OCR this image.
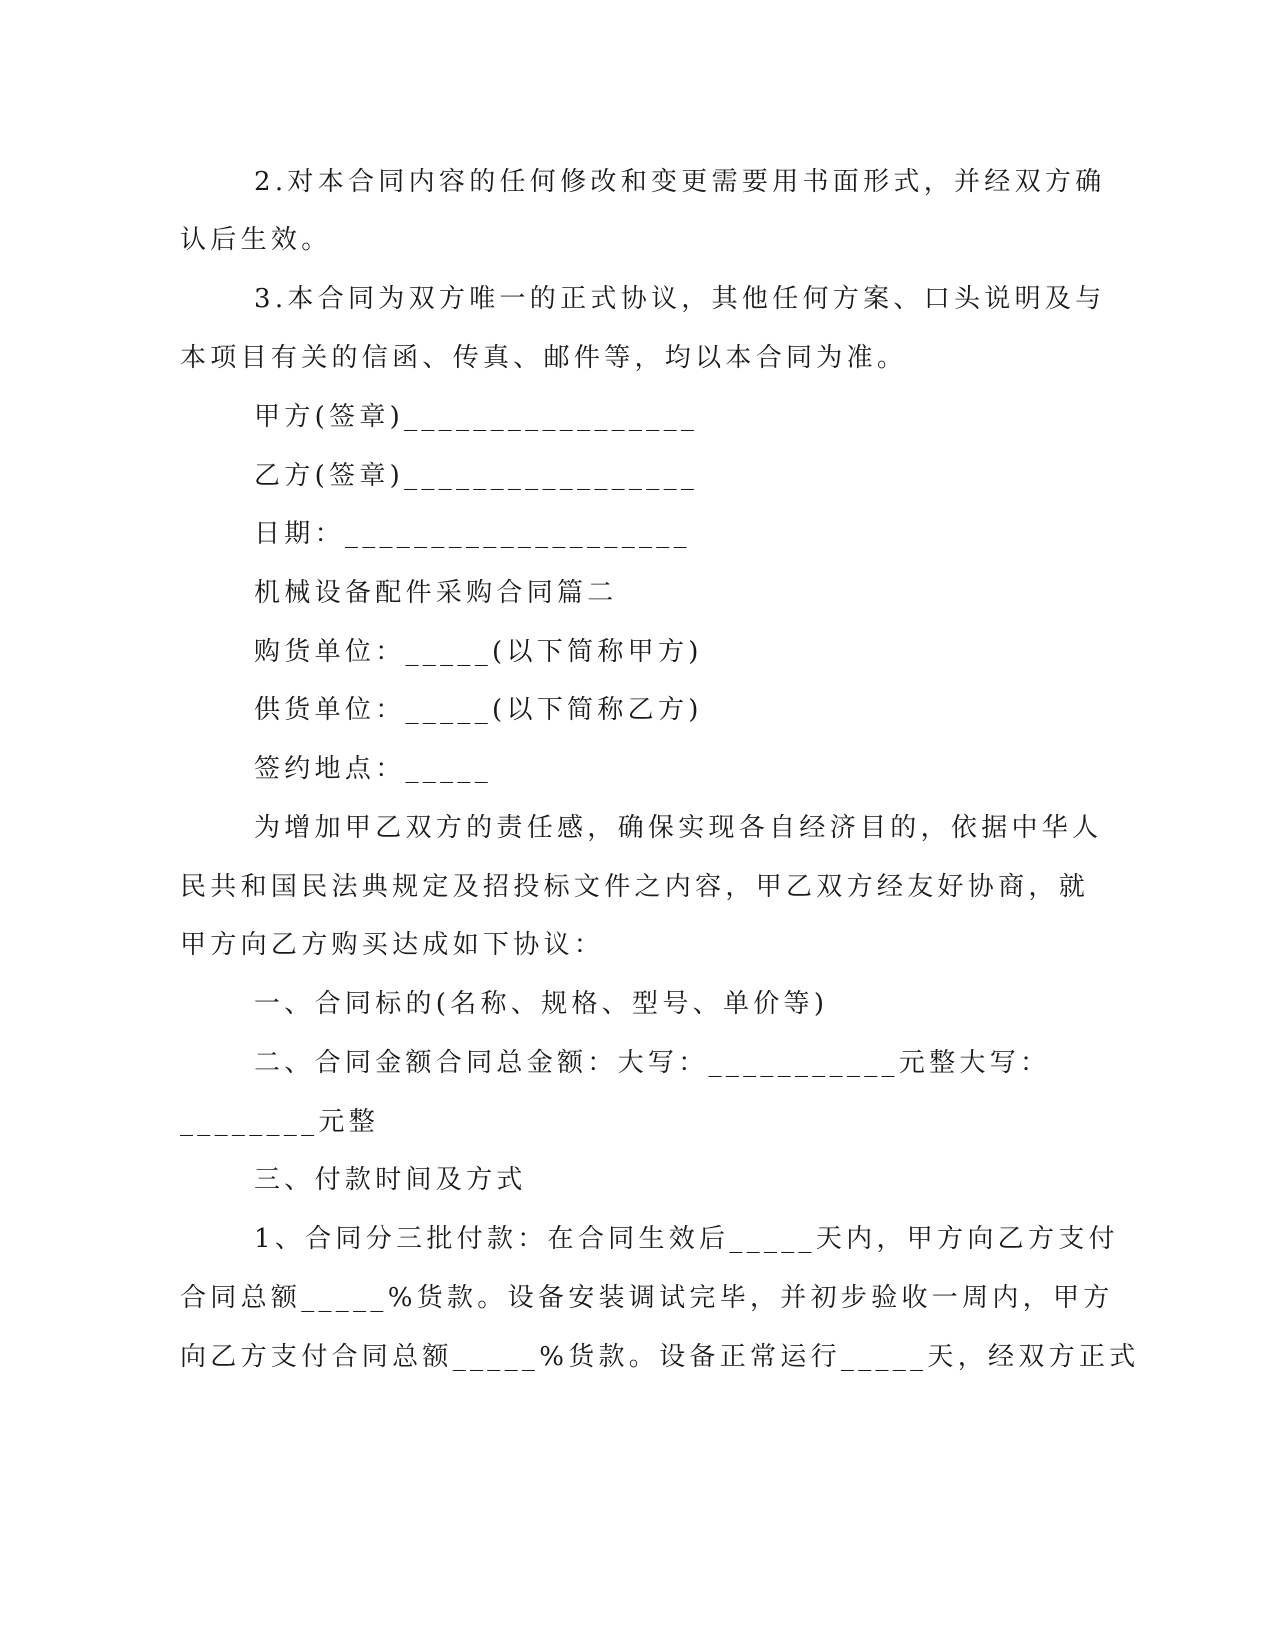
2.对本合同内容的任何修改和变更需要用书面形式，并经双方确
认后生效。
3.本合同为双方唯一的正式协议，其他任何方案、口头说明及与
本项目有关的信函、传真、邮件等，均以本合同为准。
甲方(签章)_________________
乙方(签章)_________________
日期：____________________
机械设备配件采购合同篇二
购货单位：_____(以下简称甲方)
供货单位：_____(以下简称乙方)
签约地点：_____
为增加甲乙双方的责任感，确保实现各自经济目的，依据中华人
民共和国民法典规定及招投标文件之内容，甲乙双方经友好协商，就
甲方向乙方购买达成如下协议：
一、合同标的(名称、规格、型号、单价等)
二、合同金额合同总金额：大写：___________元整大写：
________元整
三、付款时间及方式
1、合同分三批付款：在合同生效后_____天内，甲方向乙方支付
合同总额_____%货款。设备安装调试完毕，并初步验收一周内，甲方
向乙方支付合同总额_____%货款。设备正常运行_____天，经双方正式
